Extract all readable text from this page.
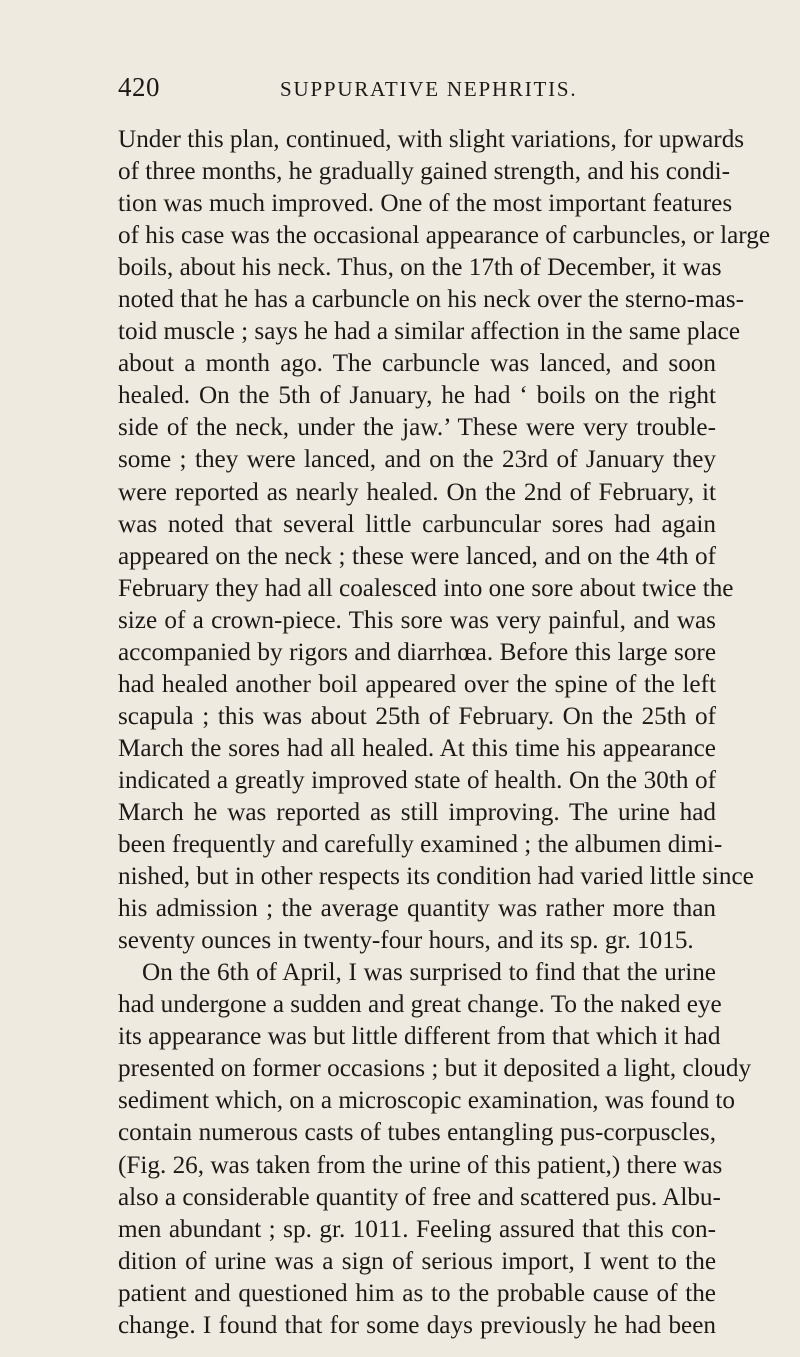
420	SUPPURATIVE NEPHRITIS.
Under this plan, continued, with slight variations, for upwards
of three months, he gradually gained strength, and his condi-
tion was much improved. One of the most important features
of his case was the occasional appearance of carbuncles, or large
boils, about his neck. Thus, on the 17th of December, it was
noted that he has a carbuncle on his neck over the sterno-mas-
toid muscle ; says he had a similar affection in the same place
about a month ago. The carbuncle was lanced, and soon
healed. On the 5th of January, he had ‘ boils on the right
side of the neck, under the jaw.’ These were very trouble-
some ; they were lanced, and on the 23rd of January they
were reported as nearly healed. On the 2nd of February, it
was noted that several little carbuncular sores had again
appeared on the neck ; these were lanced, and on the 4th of
February they had all coalesced into one sore about twice the
size of a crown-piece. This sore was very painful, and was
accompanied by rigors and diarrhœa. Before this large sore
had healed another boil appeared over the spine of the left
scapula ; this was about 25th of February. On the 25th of
March the sores had all healed. At this time his appearance
indicated a greatly improved state of health. On the 30th of
March he was reported as still improving. The urine had
been frequently and carefully examined ; the albumen dimi-
nished, but in other respects its condition had varied little since
his admission ; the average quantity was rather more than
seventy ounces in twenty-four hours, and its sp. gr. 1015.
On the 6th of April, I was surprised to find that the urine
had undergone a sudden and great change. To the naked eye
its appearance was but little different from that which it had
presented on former occasions ; but it deposited a light, cloudy
sediment which, on a microscopic examination, was found to
contain numerous casts of tubes entangling pus-corpuscles,
(Fig. 26, was taken from the urine of this patient,) there was
also a considerable quantity of free and scattered pus. Albu-
men abundant ; sp. gr. 1011. Feeling assured that this con-
dition of urine was a sign of serious import, I went to the
patient and questioned him as to the probable cause of the
change. I found that for some days previously he had been
